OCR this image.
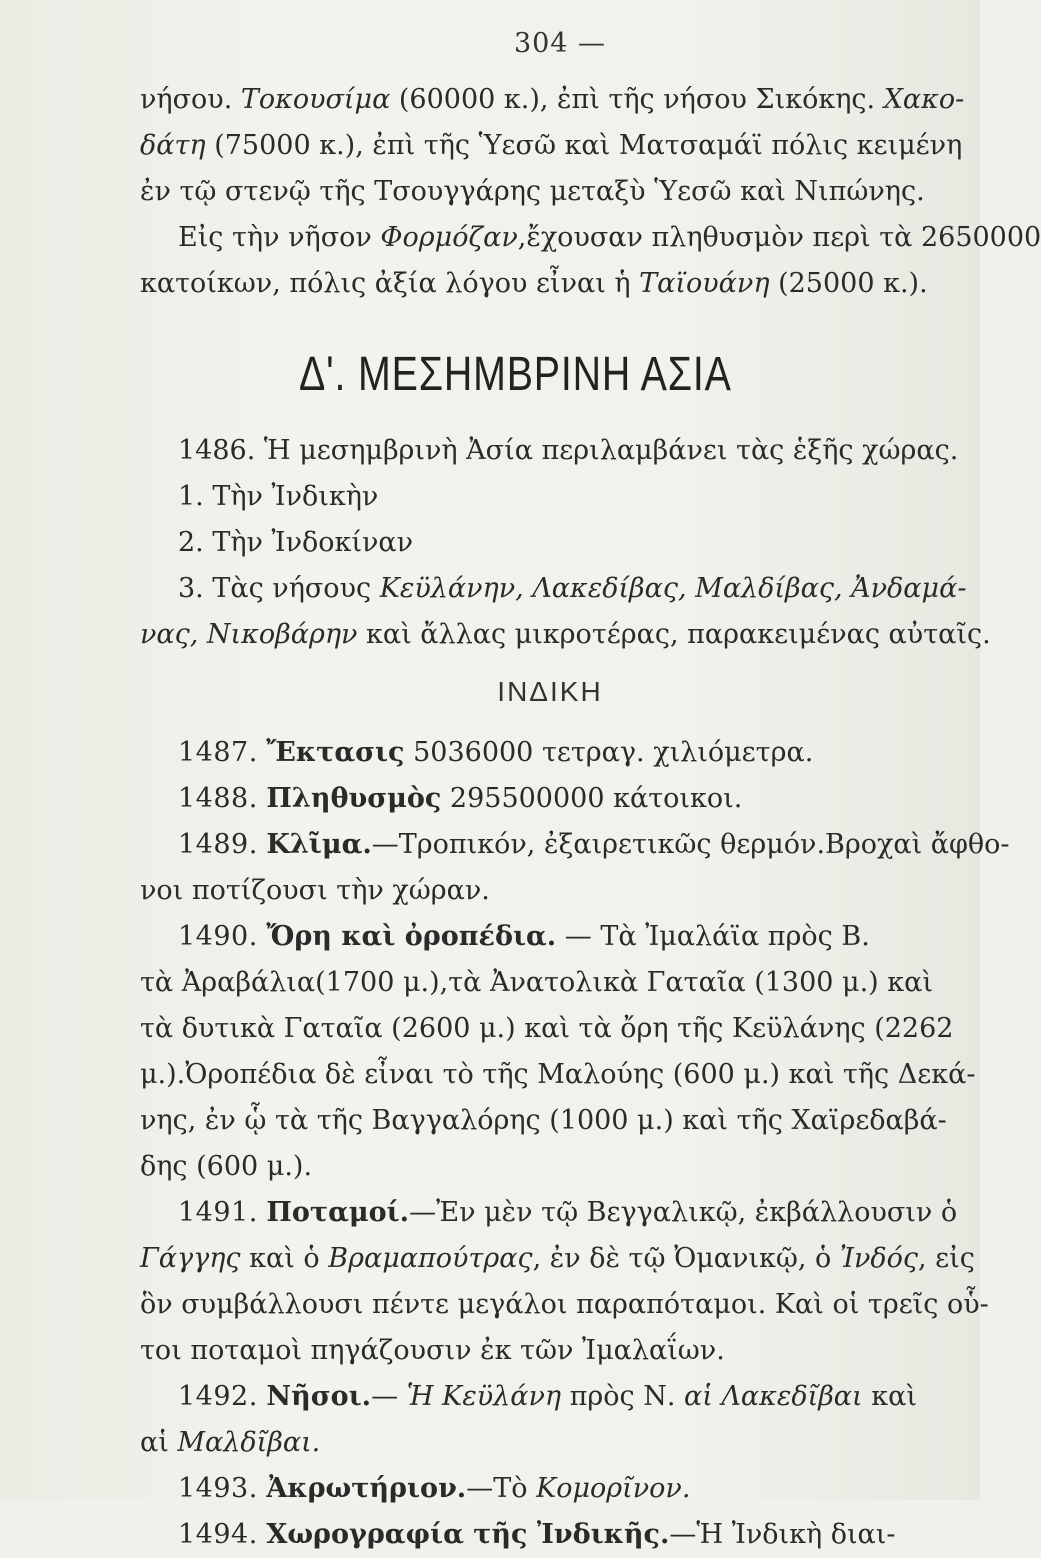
304 —
νήσου. Τοκουσίμα (60000 κ.), ἐπὶ τῆς νήσου Σικόκης. Χακο-
δάτη (75000 κ.), ἐπὶ τῆς Ὑεσῶ καὶ Ματσαμάϊ πόλις κειμένη
ἐν τῷ στενῷ τῆς Τσουγγάρης μεταξὺ Ὑεσῶ καὶ Νιπώνης.
Εἰς τὴν νῆσον Φορμόζαν,ἔχουσαν πληθυσμὸν περὶ τὰ 2650000
κατοίκων, πόλις ἀξία λόγου εἶναι ἡ Ταϊουάνη (25000 κ.).
Δ'. ΜΕΣΗΜΒΡΙΝΗ ΑΣΙΑ
1486. Ἡ μεσημβρινὴ Ἀσία περιλαμβάνει τὰς ἑξῆς χώρας.
1. Τὴν Ἰνδικὴν
2. Τὴν Ἰνδοκίναν
3. Τὰς νήσους Κεϋλάνην, Λακεδίβας, Μαλδίβας, Ἀνδαμά-
νας, Νικοβάρην καὶ ἄλλας μικροτέρας, παρακειμένας αὐταῖς.
ΙΝΔΙΚΗ
1487. Ἔκτασις 5036000 τετραγ. χιλιόμετρα.
1488. Πληθυσμὸς 295500000 κάτοικοι.
1489. Κλῖμα.—Τροπικόν, ἐξαιρετικῶς θερμόν.Βροχαὶ ἄφθο-
νοι ποτίζουσι τὴν χώραν.
1490. Ὄρη καὶ ὀροπέδια. — Τὰ Ἰμαλάϊα πρὸς Β.
τὰ Ἀραβάλια(1700 μ.),τὰ Ἀνατολικὰ Γαταῖα (1300 μ.) καὶ
τὰ δυτικὰ Γαταῖα (2600 μ.) καὶ τὰ ὄρη τῆς Κεϋλάνης (2262
μ.).Ὀροπέδια δὲ εἶναι τὸ τῆς Μαλούης (600 μ.) καὶ τῆς Δεκά-
νης, ἐν ᾧ τὰ τῆς Βαγγαλόρης (1000 μ.) καὶ τῆς Χαϊρεδαβά-
δης (600 μ.).
1491. Ποταμοί.—Ἐν μὲν τῷ Βεγγαλικῷ, ἐκβάλλουσιν ὁ
Γάγγης καὶ ὁ Βραμαπούτρας, ἐν δὲ τῷ Ὀμανικῷ, ὁ Ἰνδός, εἰς
ὃν συμβάλλουσι πέντε μεγάλοι παραπόταμοι. Καὶ οἱ τρεῖς οὗ-
τοι ποταμοὶ πηγάζουσιν ἐκ τῶν Ἰμαλαΐων.
1492. Νῆσοι.— Ἡ Κεϋλάνη πρὸς Ν. αἱ Λακεδῖβαι καὶ
αἱ Μαλδῖβαι.
1493. Ἀκρωτήριον.—Τὸ Κομορῖνον.
1494. Χωρογραφία τῆς Ἰνδικῆς.—Ἡ Ἰνδικὴ διαι-
